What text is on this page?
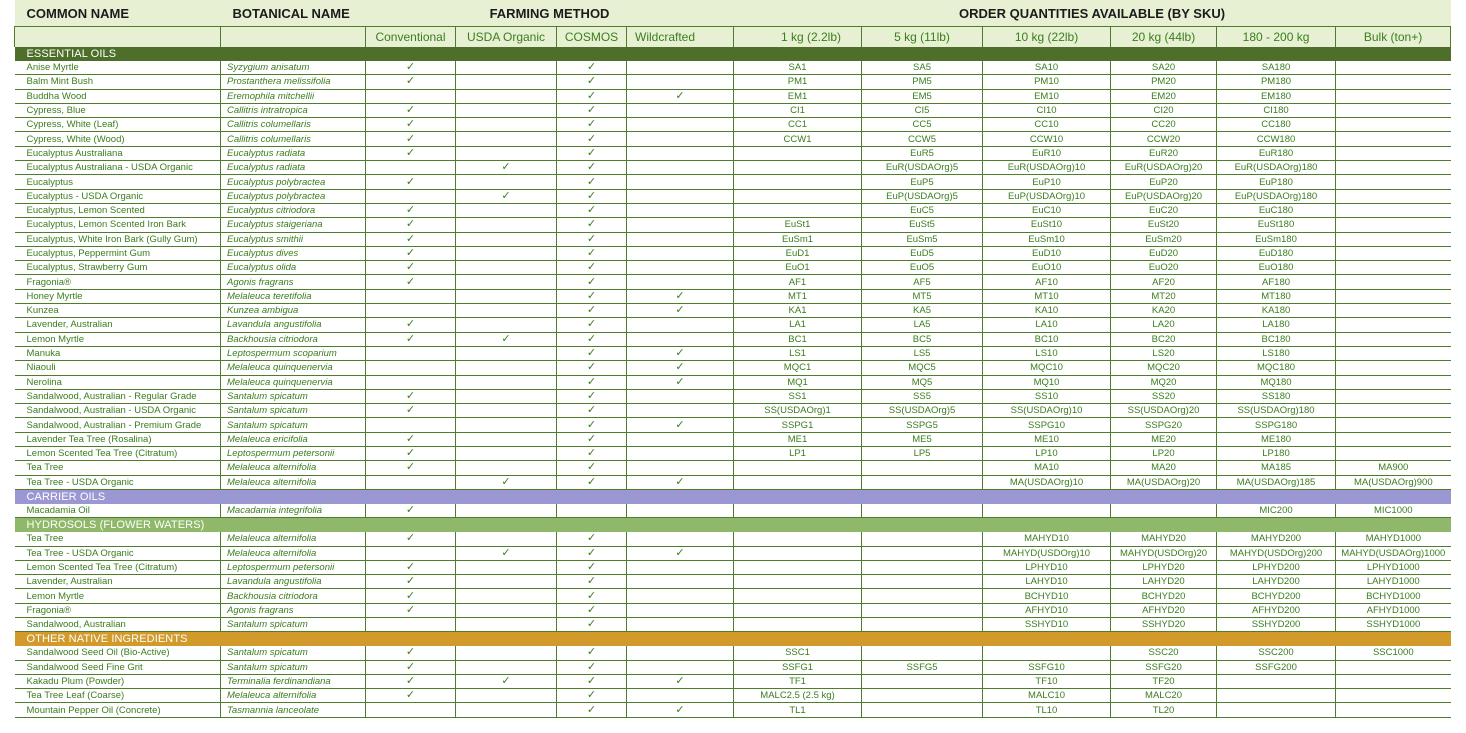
COMMON NAME	BOTANICAL NAME	FARMING METHOD				ORDER QUANTITIES AVAILABLE (BY SKU)					
		Conventional	USDA Organic	COSMOS	Wildcrafted	1 kg (2.2lb)	5 kg (11lb)	10 kg (22lb)	20 kg (44lb)	180 - 200 kg	Bulk (ton+)
ESSENTIAL OILS											
Anise Myrtle	Syzygium anisatum	✓		✓		SA1	SA5	SA10	SA20	SA180	
Balm Mint Bush	Prostanthera melissifolia	✓		✓		PM1	PM5	PM10	PM20	PM180	
Buddha Wood	Eremophila mitchellii			✓	✓	EM1	EM5	EM10	EM20	EM180	
Cypress, Blue	Callitris intratropica	✓		✓		CI1	CI5	CI10	CI20	CI180	
Cypress, White (Leaf)	Callitris columellaris	✓		✓		CC1	CC5	CC10	CC20	CC180	
Cypress, White (Wood)	Callitris columellaris	✓		✓		CCW1	CCW5	CCW10	CCW20	CCW180	
Eucalyptus Australiana	Eucalyptus radiata	✓		✓			EuR5	EuR10	EuR20	EuR180	
Eucalyptus Australiana - USDA Organic	Eucalyptus radiata		✓	✓			EuR(USDAOrg)5	EuR(USDAOrg)10	EuR(USDAOrg)20	EuR(USDAOrg)180	
Eucalyptus	Eucalyptus polybractea	✓		✓			EuP5	EuP10	EuP20	EuP180	
Eucalyptus - USDA Organic	Eucalyptus polybractea		✓	✓			EuP(USDAOrg)5	EuP(USDAOrg)10	EuP(USDAOrg)20	EuP(USDAOrg)180	
Eucalyptus, Lemon Scented	Eucalyptus citriodora	✓		✓			EuC5	EuC10	EuC20	EuC180	
Eucalyptus, Lemon Scented Iron Bark	Eucalyptus staigeriana	✓		✓		EuSt1	EuSt5	EuSt10	EuSt20	EuSt180	
Eucalyptus, White Iron Bark (Gully Gum)	Eucalyptus smithii	✓		✓		EuSm1	EuSm5	EuSm10	EuSm20	EuSm180	
Eucalyptus, Peppermint Gum	Eucalyptus dives	✓		✓		EuD1	EuD5	EuD10	EuD20	EuD180	
Eucalyptus, Strawberry Gum	Eucalyptus olida	✓		✓		EuO1	EuO5	EuO10	EuO20	EuO180	
Fragonia®	Agonis fragrans	✓		✓		AF1	AF5	AF10	AF20	AF180	
Honey Myrtle	Melaleuca teretifolia			✓	✓	MT1	MT5	MT10	MT20	MT180	
Kunzea	Kunzea ambigua			✓	✓	KA1	KA5	KA10	KA20	KA180	
Lavender, Australian	Lavandula angustifolia	✓		✓		LA1	LA5	LA10	LA20	LA180	
Lemon Myrtle	Backhousia citriodora	✓	✓	✓		BC1	BC5	BC10	BC20	BC180	
Manuka	Leptospermum scoparium			✓	✓	LS1	LS5	LS10	LS20	LS180	
Niaouli	Melaleuca quinquenervia			✓	✓	MQC1	MQC5	MQC10	MQC20	MQC180	
Nerolina	Melaleuca quinquenervia			✓	✓	MQ1	MQ5	MQ10	MQ20	MQ180	
Sandalwood, Australian - Regular Grade	Santalum spicatum	✓		✓		SS1	SS5	SS10	SS20	SS180	
Sandalwood, Australian - USDA Organic	Santalum spicatum	✓		✓		SS(USDAOrg)1	SS(USDAOrg)5	SS(USDAOrg)10	SS(USDAOrg)20	SS(USDAOrg)180	
Sandalwood, Australian - Premium Grade	Santalum spicatum			✓	✓	SSPG1	SSPG5	SSPG10	SSPG20	SSPG180	
Lavender Tea Tree (Rosalina)	Melaleuca ericifolia	✓		✓		ME1	ME5	ME10	ME20	ME180	
Lemon Scented Tea Tree (Citratum)	Leptospermum petersonii	✓		✓		LP1	LP5	LP10	LP20	LP180	
Tea Tree	Melaleuca alternifolia	✓		✓				MA10	MA20	MA185	MA900
Tea Tree - USDA Organic	Melaleuca alternifolia		✓	✓	✓			MA(USDAOrg)10	MA(USDAOrg)20	MA(USDAOrg)185	MA(USDAOrg)900
CARRIER OILS											
Macadamia Oil	Macadamia integrifolia	✓								MIC200	MIC1000
HYDROSOLS (FLOWER WATERS)											
Tea Tree	Melaleuca alternifolia	✓		✓				MAHYD10	MAHYD20	MAHYD200	MAHYD1000
Tea Tree - USDA Organic	Melaleuca alternifolia		✓	✓	✓			MAHYD(USDOrg)10	MAHYD(USDOrg)20	MAHYD(USDOrg)200	MAHYD(USDAOrg)1000
Lemon Scented Tea Tree (Citratum)	Leptospermum petersonii	✓		✓				LPHYD10	LPHYD20	LPHYD200	LPHYD1000
Lavender, Australian	Lavandula angustifolia	✓		✓				LAHYD10	LAHYD20	LAHYD200	LAHYD1000
Lemon Myrtle	Backhousia citriodora	✓		✓				BCHYD10	BCHYD20	BCHYD200	BCHYD1000
Fragonia®	Agonis fragrans	✓		✓				AFHYD10	AFHYD20	AFHYD200	AFHYD1000
Sandalwood, Australian	Santalum spicatum			✓				SSHYD10	SSHYD20	SSHYD200	SSHYD1000
OTHER NATIVE INGREDIENTS											
Sandalwood Seed Oil (Bio-Active)	Santalum spicatum	✓		✓		SSC1			SSC20	SSC200	SSC1000
Sandalwood Seed Fine Grit	Santalum spicatum	✓		✓		SSFG1	SSFG5	SSFG10	SSFG20	SSFG200	
Kakadu Plum (Powder)	Terminalia ferdinandiana	✓	✓	✓	✓	TF1		TF10	TF20		
Tea Tree Leaf (Coarse)	Melaleuca alternifolia	✓		✓		MALC2.5 (2.5 kg)		MALC10	MALC20		
Mountain Pepper Oil (Concrete)	Tasmannia lanceolate			✓	✓	TL1		TL10	TL20		
